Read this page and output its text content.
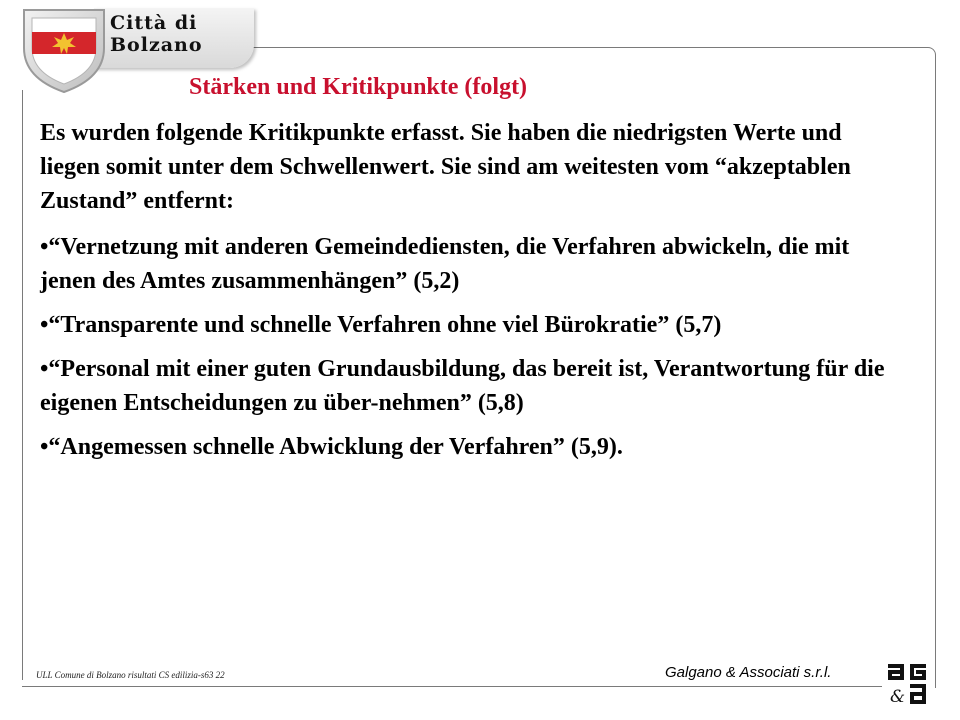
Città di
Bolzano
Stärken und Kritikpunkte (folgt)

Es wurden folgende Kritikpunkte erfasst. Sie haben die niedrigsten Werte und liegen somit unter dem Schwellenwert. Sie sind am weitesten vom “akzeptablen Zustand” entfernt:

•“Vernetzung mit anderen Gemeindediensten, die Verfahren abwickeln, die mit jenen des Amtes zusammenhängen” (5,2)

•“Transparente und schnelle Verfahren ohne viel Bürokratie” (5,7)

•“Personal mit einer guten Grundausbildung, das bereit ist, Verantwortung für die eigenen Entscheidungen zu über-nehmen” (5,8)

•“Angemessen schnelle Abwicklung der Verfahren” (5,9).

ULL Comune di Bolzano risultati CS edilizia-s63 22	Galgano & Associati s.r.l.
&
